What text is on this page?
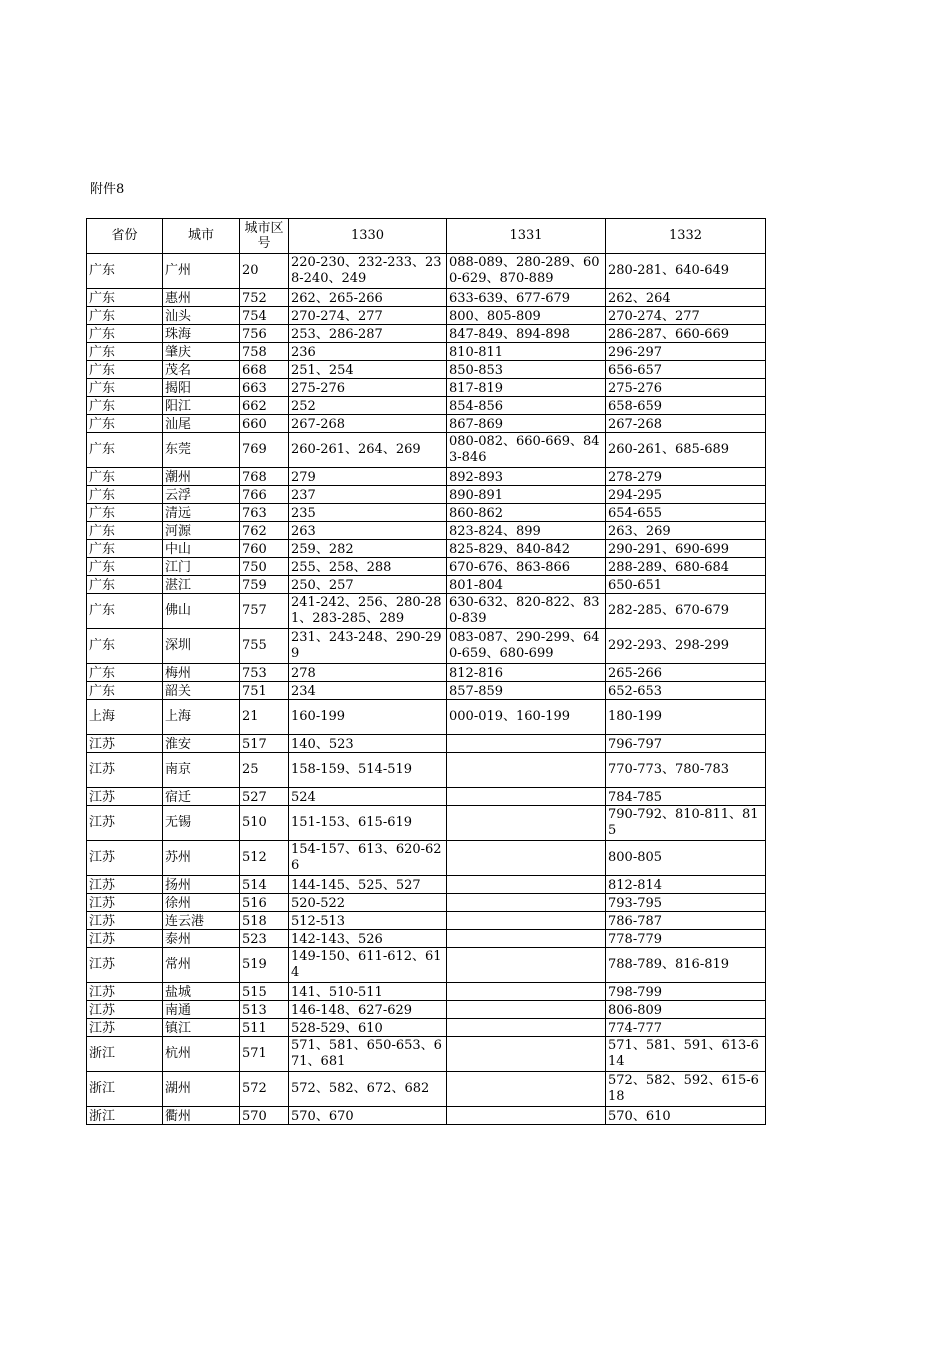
附件8
省份	城市	城市区号	1330	1331	1332

广东	广州	20	220-230、232-233、238-240、249	088-089、280-289、600-629、870-889	280-281、640-649

广东	惠州	752	262、265-266	633-639、677-679	262、264

广东	汕头	754	270-274、277	800、805-809	270-274、277

广东	珠海	756	253、286-287	847-849、894-898	286-287、660-669

广东	肇庆	758	236	810-811	296-297

广东	茂名	668	251、254	850-853	656-657

广东	揭阳	663	275-276	817-819	275-276

广东	阳江	662	252	854-856	658-659

广东	汕尾	660	267-268	867-869	267-268

广东	东莞	769	260-261、264、269	080-082、660-669、843-846	260-261、685-689

广东	潮州	768	279	892-893	278-279

广东	云浮	766	237	890-891	294-295

广东	清远	763	235	860-862	654-655

广东	河源	762	263	823-824、899	263、269

广东	中山	760	259、282	825-829、840-842	290-291、690-699

广东	江门	750	255、258、288	670-676、863-866	288-289、680-684

广东	湛江	759	250、257	801-804	650-651

广东	佛山	757	241-242、256、280-281、283-285、289	630-632、820-822、830-839	282-285、670-679

广东	深圳	755	231、243-248、290-299	083-087、290-299、640-659、680-699	292-293、298-299

广东	梅州	753	278	812-816	265-266

广东	韶关	751	234	857-859	652-653

上海	上海	21	160-199	000-019、160-199	180-199

江苏	淮安	517	140、523		796-797

江苏	南京	25	158-159、514-519		770-773、780-783

江苏	宿迁	527	524		784-785

江苏	无锡	510	151-153、615-619		790-792、810-811、815

江苏	苏州	512	154-157、613、620-626		800-805

江苏	扬州	514	144-145、525、527		812-814

江苏	徐州	516	520-522		793-795

江苏	连云港	518	512-513		786-787

江苏	泰州	523	142-143、526		778-779

江苏	常州	519	149-150、611-612、614		788-789、816-819

江苏	盐城	515	141、510-511		798-799

江苏	南通	513	146-148、627-629		806-809

江苏	镇江	511	528-529、610		774-777

浙江	杭州	571	571、581、650-653、671、681		571、581、591、613-614

浙江	湖州	572	572、582、672、682		572、582、592、615-618

浙江	衢州	570	570、670		570、610
